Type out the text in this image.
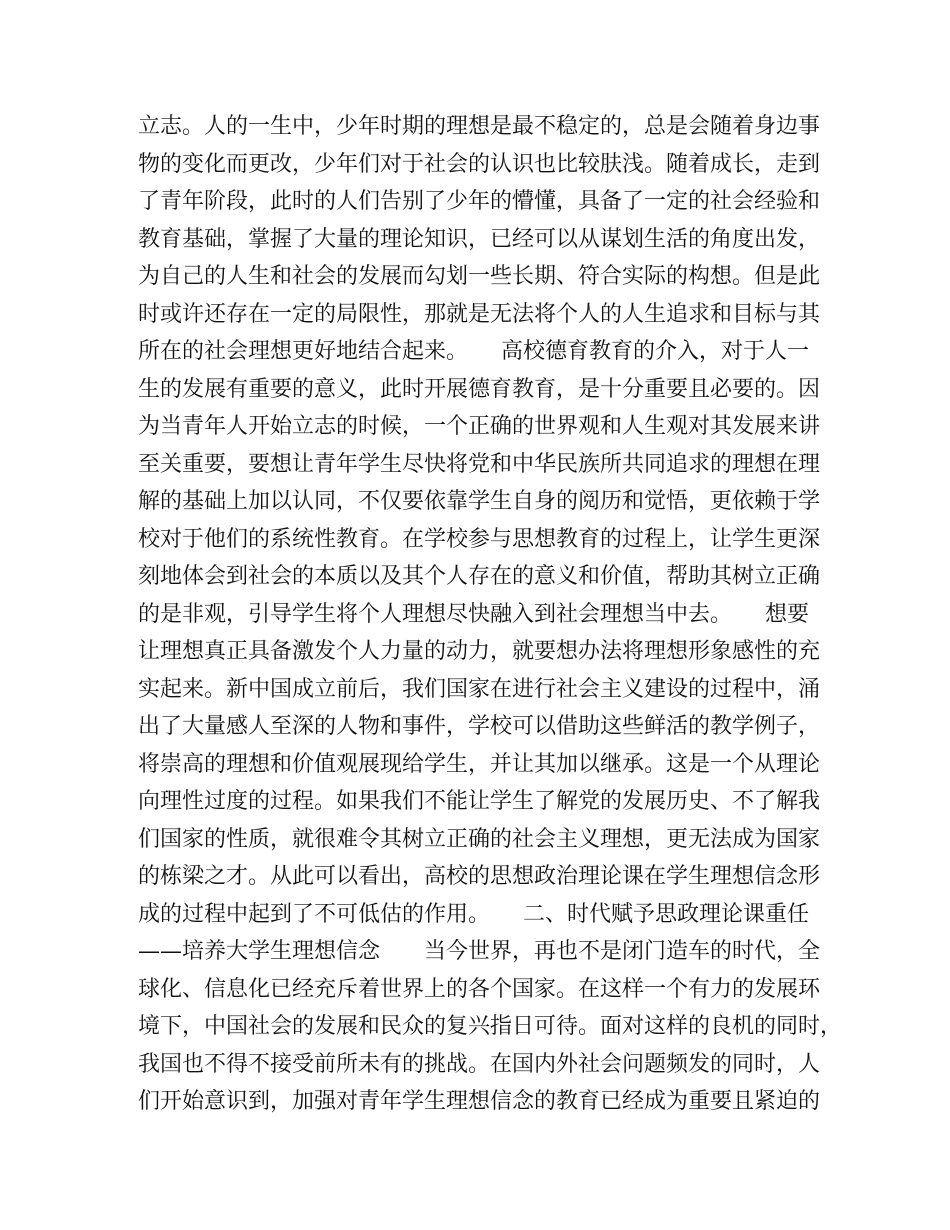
立志。人的一生中，少年时期的理想是最不稳定的，总是会随着身边事
物的变化而更改，少年们对于社会的认识也比较肤浅。随着成长，走到
了青年阶段，此时的人们告别了少年的懵懂，具备了一定的社会经验和
教育基础，掌握了大量的理论知识，已经可以从谋划生活的角度出发，
为自己的人生和社会的发展而勾划一些长期、符合实际的构想。但是此
时或许还存在一定的局限性，那就是无法将个人的人生追求和目标与其
所在的社会理想更好地结合起来。　　高校德育教育的介入，对于人一
生的发展有重要的意义，此时开展德育教育，是十分重要且必要的。因
为当青年人开始立志的时候，一个正确的世界观和人生观对其发展来讲
至关重要，要想让青年学生尽快将党和中华民族所共同追求的理想在理
解的基础上加以认同，不仅要依靠学生自身的阅历和觉悟，更依赖于学
校对于他们的系统性教育。在学校参与思想教育的过程上，让学生更深
刻地体会到社会的本质以及其个人存在的意义和价值，帮助其树立正确
的是非观，引导学生将个人理想尽快融入到社会理想当中去。　　想要
让理想真正具备激发个人力量的动力，就要想办法将理想形象感性的充
实起来。新中国成立前后，我们国家在进行社会主义建设的过程中，涌
出了大量感人至深的人物和事件，学校可以借助这些鲜活的教学例子，
将崇高的理想和价值观展现给学生，并让其加以继承。这是一个从理论
向理性过度的过程。如果我们不能让学生了解党的发展历史、不了解我
们国家的性质，就很难令其树立正确的社会主义理想，更无法成为国家
的栋梁之才。从此可以看出，高校的思想政治理论课在学生理想信念形
成的过程中起到了不可低估的作用。　　二、时代赋予思政理论课重任
——培养大学生理想信念　　当今世界，再也不是闭门造车的时代，全
球化、信息化已经充斥着世界上的各个国家。在这样一个有力的发展环
境下，中国社会的发展和民众的复兴指日可待。面对这样的良机的同时，
我国也不得不接受前所未有的挑战。在国内外社会问题频发的同时，人
们开始意识到，加强对青年学生理想信念的教育已经成为重要且紧迫的
